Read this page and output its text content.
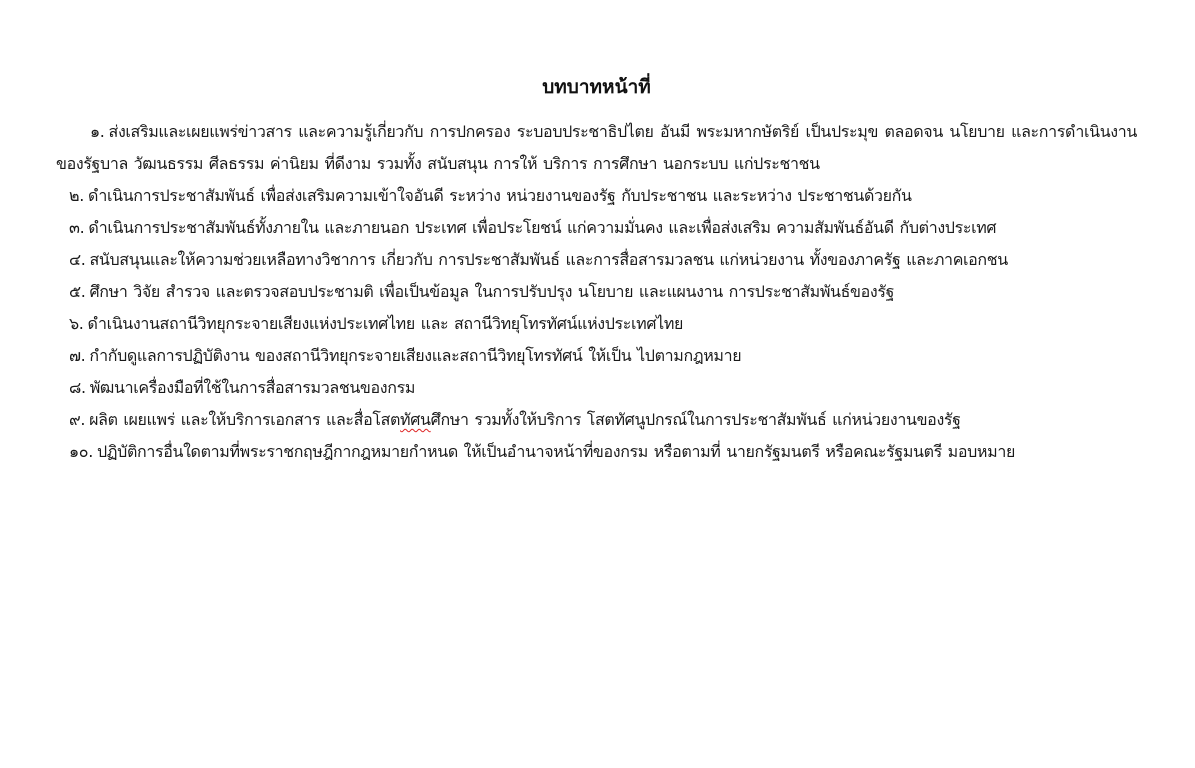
บทบาทหน้าที่

๑. ส่งเสริมและเผยแพร่ข่าวสาร และความรู้เกี่ยวกับ การปกครอง ระบอบประชาธิปไตย อันมี พระมหากษัตริย์ เป็นประมุข ตลอดจน นโยบาย และการดำเนินงาน ของรัฐบาล วัฒนธรรม ศีลธรรม ค่านิยม ที่ดีงาม รวมทั้ง สนับสนุน การให้ บริการ การศึกษา นอกระบบ แก่ประชาชน

๒. ดำเนินการประชาสัมพันธ์ เพื่อส่งเสริมความเข้าใจอันดี ระหว่าง หน่วยงานของรัฐ กับประชาชน และระหว่าง ประชาชนด้วยกัน

๓. ดำเนินการประชาสัมพันธ์ทั้งภายใน และภายนอก ประเทศ เพื่อประโยชน์ แก่ความมั่นคง และเพื่อส่งเสริม ความสัมพันธ์อันดี กับต่างประเทศ

๔. สนับสนุนและให้ความช่วยเหลือทางวิชาการ เกี่ยวกับ การประชาสัมพันธ์ และการสื่อสารมวลชน แก่หน่วยงาน ทั้งของภาครัฐ และภาคเอกชน

๕. ศึกษา วิจัย สำรวจ และตรวจสอบประชามติ เพื่อเป็นข้อมูล ในการปรับปรุง นโยบาย และแผนงาน การประชาสัมพันธ์ของรัฐ

๖. ดำเนินงานสถานีวิทยุกระจายเสียงแห่งประเทศไทย และ สถานีวิทยุโทรทัศน์แห่งประเทศไทย

๗. กำกับดูแลการปฏิบัติงาน ของสถานีวิทยุกระจายเสียงและสถานีวิทยุโทรทัศน์ ให้เป็น ไปตามกฎหมาย

๘. พัฒนาเครื่องมือที่ใช้ในการสื่อสารมวลชนของกรม

๙. ผลิต เผยแพร่ และให้บริการเอกสาร และสื่อโสตทัศนศึกษา รวมทั้งให้บริการ โสตทัศนูปกรณ์ในการประชาสัมพันธ์ แก่หน่วยงานของรัฐ

๑๐. ปฏิบัติการอื่นใดตามที่พระราชกฤษฎีกากฎหมายกำหนด ให้เป็นอำนาจหน้าที่ของกรม หรือตามที่ นายกรัฐมนตรี หรือคณะรัฐมนตรี มอบหมาย
